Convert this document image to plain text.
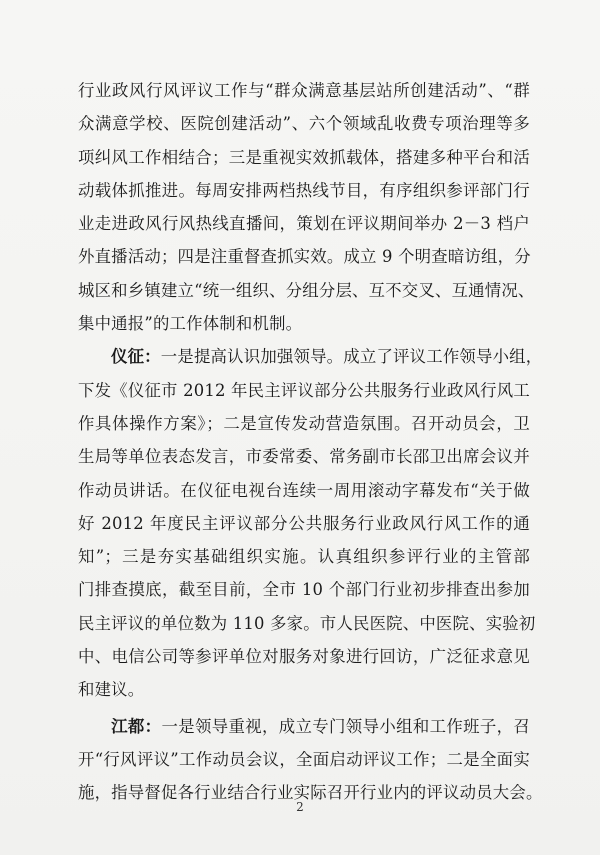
行业政风行风评议工作与“群众满意基层站所创建活动”、“群
众满意学校、医院创建活动”、六个领域乱收费专项治理等多
项纠风工作相结合；三是重视实效抓载体，搭建多种平台和活
动载体抓推进。每周安排两档热线节目，有序组织参评部门行
业走进政风行风热线直播间，策划在评议期间举办 2－3 档户
外直播活动；四是注重督查抓实效。成立 9 个明查暗访组，分
城区和乡镇建立“统一组织、分组分层、互不交叉、互通情况、
集中通报”的工作体制和机制。

仪征：一是提高认识加强领导。成立了评议工作领导小组，
下发《仪征市 2012 年民主评议部分公共服务行业政风行风工
作具体操作方案》；二是宣传发动营造氛围。召开动员会，卫
生局等单位表态发言，市委常委、常务副市长邵卫出席会议并
作动员讲话。在仪征电视台连续一周用滚动字幕发布“关于做
好 2012 年度民主评议部分公共服务行业政风行风工作的通
知”；三是夯实基础组织实施。认真组织参评行业的主管部
门排查摸底，截至目前，全市 10 个部门行业初步排查出参加
民主评议的单位数为 110 多家。市人民医院、中医院、实验初
中、电信公司等参评单位对服务对象进行回访，广泛征求意见
和建议。

江都：一是领导重视，成立专门领导小组和工作班子，召
开“行风评议”工作动员会议，全面启动评议工作；二是全面实
施，指导督促各行业结合行业实际召开行业内的评议动员大会。

2
